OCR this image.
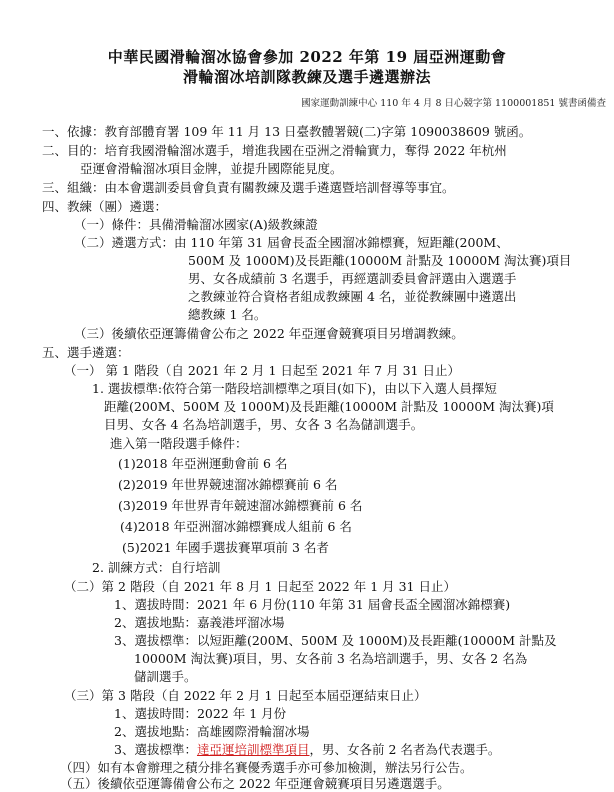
中華民國滑輪溜冰協會參加 2022 年第 19 屆亞洲運動會
滑輪溜冰培訓隊教練及選手遴選辦法
國家運動訓練中心 110 年 4 月 8 日心競字第 1100001851 號書函備查
一、依據：教育部體育署 109 年 11 月 13 日臺教體署競(二)字第 1090038609 號函。
二、目的：培育我國滑輪溜冰選手，增進我國在亞洲之滑輪實力，奪得 2022 年杭州
亞運會滑輪溜冰項目金牌，並提升國際能見度。
三、組織：由本會選訓委員會負責有關教練及選手遴選暨培訓督導等事宜。
四、教練（團）遴選：
（一）條件：具備滑輪溜冰國家(A)級教練證
（二）遴選方式：由 110 年第 31 屆會長盃全國溜冰錦標賽，短距離(200M、
500M 及 1000M)及長距離(10000M 計點及 10000M 淘汰賽)項目
男、女各成績前 3 名選手，再經選訓委員會評選由入選選手
之教練並符合資格者組成教練團 4 名，並從教練團中遴選出
總教練 1 名。
（三）後續依亞運籌備會公布之 2022 年亞運會競賽項目另增調教練。
五、選手遴選：
（一） 第 1 階段（自 2021 年 2 月 1 日起至 2021 年 7 月 31 日止）
1. 選拔標準:依符合第一階段培訓標準之項目(如下)，由以下入選人員擇短
距離(200M、500M 及 1000M)及長距離(10000M 計點及 10000M 淘汰賽)項
目男、女各 4 名為培訓選手，男、女各 3 名為儲訓選手。
進入第一階段選手條件：
(1)2018 年亞洲運動會前 6 名
(2)2019 年世界競速溜冰錦標賽前 6 名
(3)2019 年世界青年競速溜冰錦標賽前 6 名
(4)2018 年亞洲溜冰錦標賽成人組前 6 名
(5)2021 年國手選拔賽單項前 3 名者
2. 訓練方式：自行培訓
（二）第 2 階段（自 2021 年 8 月 1 日起至 2022 年 1 月 31 日止）
1、選拔時間：2021 年 6 月份(110 年第 31 屆會長盃全國溜冰錦標賽)
2、選拔地點：嘉義港坪溜冰場
3、選拔標準：以短距離(200M、500M 及 1000M)及長距離(10000M 計點及
10000M 淘汰賽)項目，男、女各前 3 名為培訓選手，男、女各 2 名為
儲訓選手。
（三）第 3 階段（自 2022 年 2 月 1 日起至本屆亞運結束日止）
1、選拔時間：2022 年 1 月份
2、選拔地點：高雄國際滑輪溜冰場
3、選拔標準：達亞運培訓標準項目，男、女各前 2 名者為代表選手。
（四）如有本會辦理之積分排名賽優秀選手亦可參加檢測，辦法另行公告。
（五）後續依亞運籌備會公布之 2022 年亞運會競賽項目另遴選選手。
